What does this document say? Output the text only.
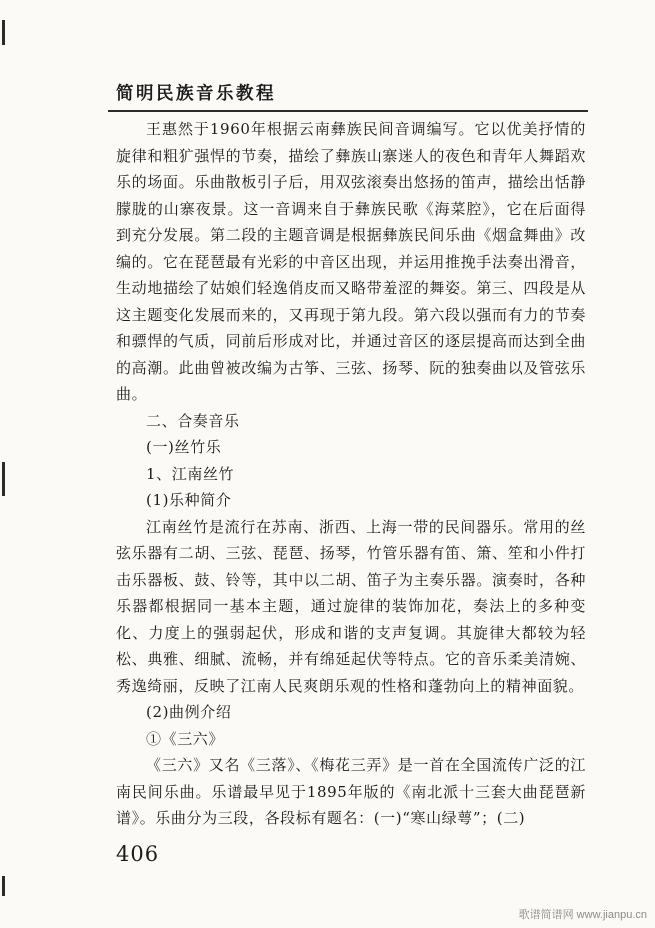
简明民族音乐教程

王惠然于1960年根据云南彝族民间音调编写。它以优美抒情的旋律和粗犷强悍的节奏，描绘了彝族山寨迷人的夜色和青年人舞蹈欢乐的场面。乐曲散板引子后，用双弦滚奏出悠扬的笛声，描绘出恬静朦胧的山寨夜景。这一音调来自于彝族民歌《海菜腔》，它在后面得到充分发展。第二段的主题音调是根据彝族民间乐曲《烟盒舞曲》改编的。它在琵琶最有光彩的中音区出现，并运用推挽手法奏出滑音，生动地描绘了姑娘们轻逸俏皮而又略带羞涩的舞姿。第三、四段是从这主题变化发展而来的，又再现于第九段。第六段以强而有力的节奏和骠悍的气质，同前后形成对比，并通过音区的逐层提高而达到全曲的高潮。此曲曾被改编为古筝、三弦、扬琴、阮的独奏曲以及管弦乐曲。

二、合奏音乐

(一)丝竹乐

1、江南丝竹

(1)乐种简介

江南丝竹是流行在苏南、浙西、上海一带的民间器乐。常用的丝弦乐器有二胡、三弦、琵琶、扬琴，竹管乐器有笛、箫、笙和小件打击乐器板、鼓、铃等，其中以二胡、笛子为主奏乐器。演奏时，各种乐器都根据同一基本主题，通过旋律的装饰加花，奏法上的多种变化、力度上的强弱起伏，形成和谐的支声复调。其旋律大都较为轻松、典雅、细腻、流畅，并有绵延起伏等特点。它的音乐柔美清婉、秀逸绮丽，反映了江南人民爽朗乐观的性格和蓬勃向上的精神面貌。

(2)曲例介绍

①《三六》

《三六》又名《三落》、《梅花三弄》是一首在全国流传广泛的江南民间乐曲。乐谱最早见于1895年版的《南北派十三套大曲琵琶新谱》。乐曲分为三段，各段标有题名：(一)“寒山绿萼”；(二)

406
歌谱简谱网 www.jianpu.cn
